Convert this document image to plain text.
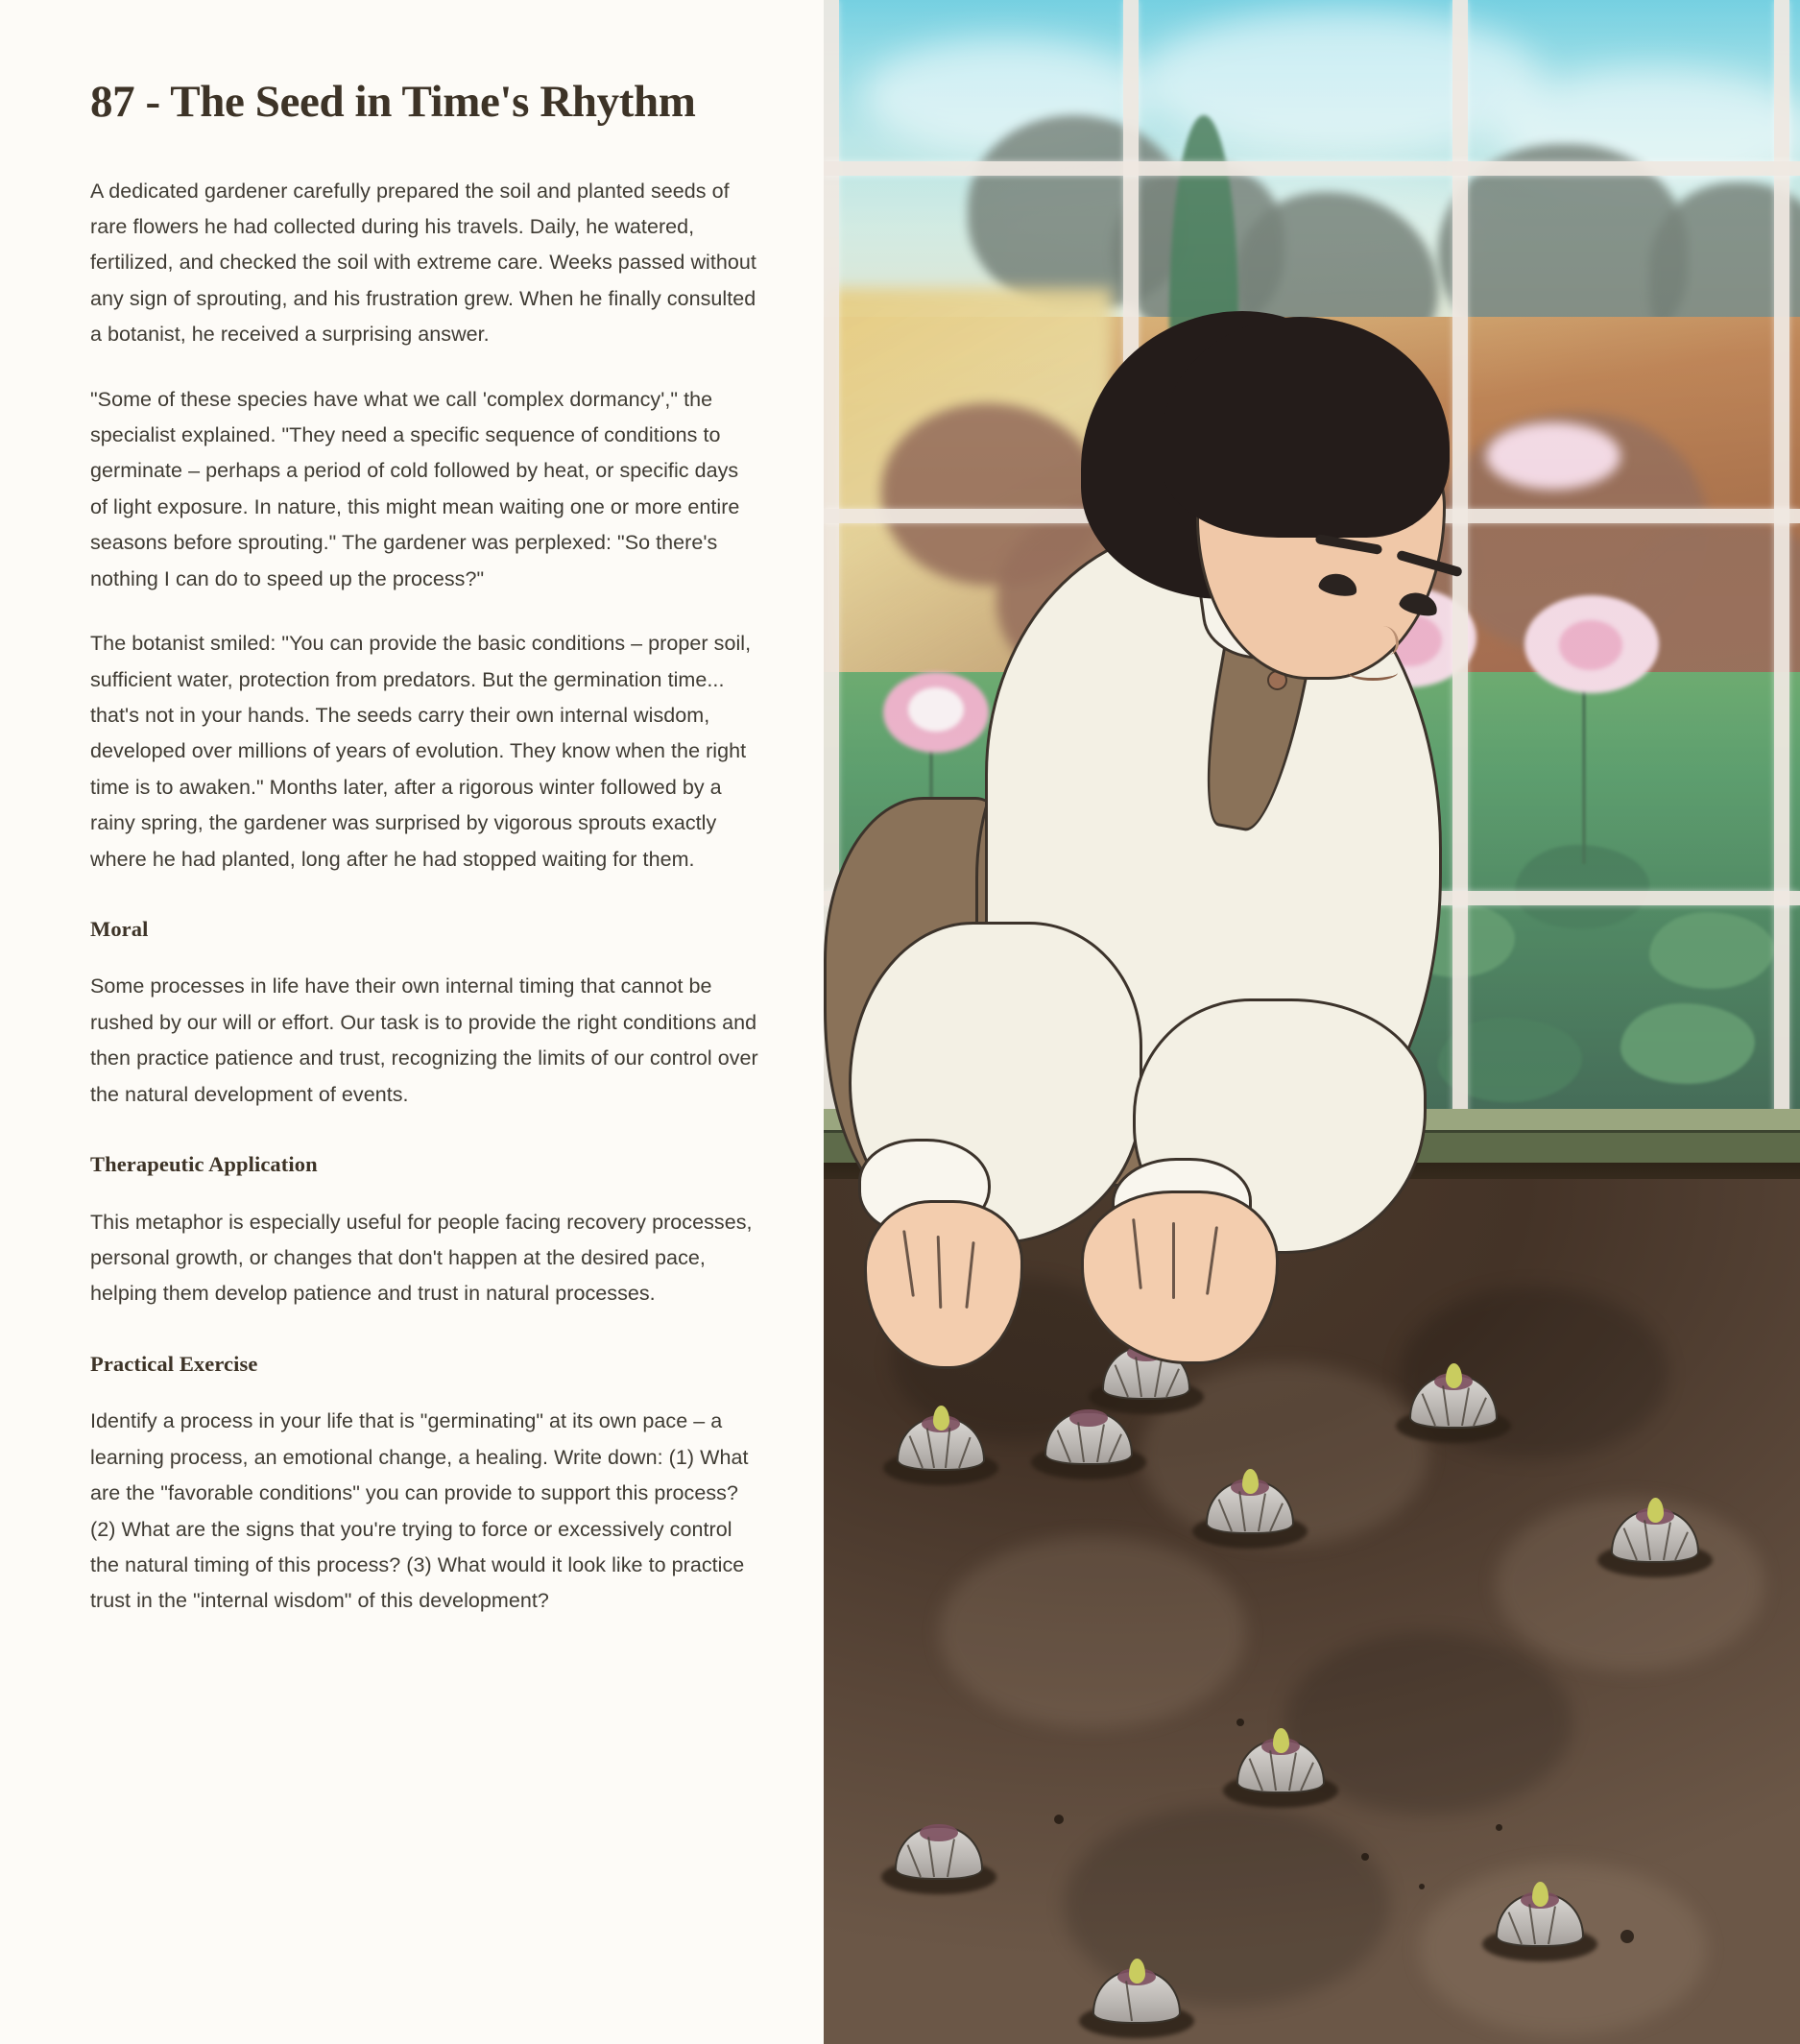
87 - The Seed in Time's Rhythm

A dedicated gardener carefully prepared the soil and planted seeds of rare flowers he had collected during his travels. Daily, he watered, fertilized, and checked the soil with extreme care. Weeks passed without any sign of sprouting, and his frustration grew. When he finally consulted a botanist, he received a surprising answer.

"Some of these species have what we call 'complex dormancy'," the specialist explained. "They need a specific sequence of conditions to germinate – perhaps a period of cold followed by heat, or specific days of light exposure. In nature, this might mean waiting one or more entire seasons before sprouting." The gardener was perplexed: "So there's nothing I can do to speed up the process?"

The botanist smiled: "You can provide the basic conditions – proper soil, sufficient water, protection from predators. But the germination time... that's not in your hands. The seeds carry their own internal wisdom, developed over millions of years of evolution. They know when the right time is to awaken." Months later, after a rigorous winter followed by a rainy spring, the gardener was surprised by vigorous sprouts exactly where he had planted, long after he had stopped waiting for them.

Moral

Some processes in life have their own internal timing that cannot be rushed by our will or effort. Our task is to provide the right conditions and then practice patience and trust, recognizing the limits of our control over the natural development of events.

Therapeutic Application

This metaphor is especially useful for people facing recovery processes, personal growth, or changes that don't happen at the desired pace, helping them develop patience and trust in natural processes.

Practical Exercise

Identify a process in your life that is "germinating" at its own pace – a learning process, an emotional change, a healing. Write down: (1) What are the "favorable conditions" you can provide to support this process? (2) What are the signs that you're trying to force or excessively control the natural timing of this process? (3) What would it look like to practice trust in the "internal wisdom" of this development?
